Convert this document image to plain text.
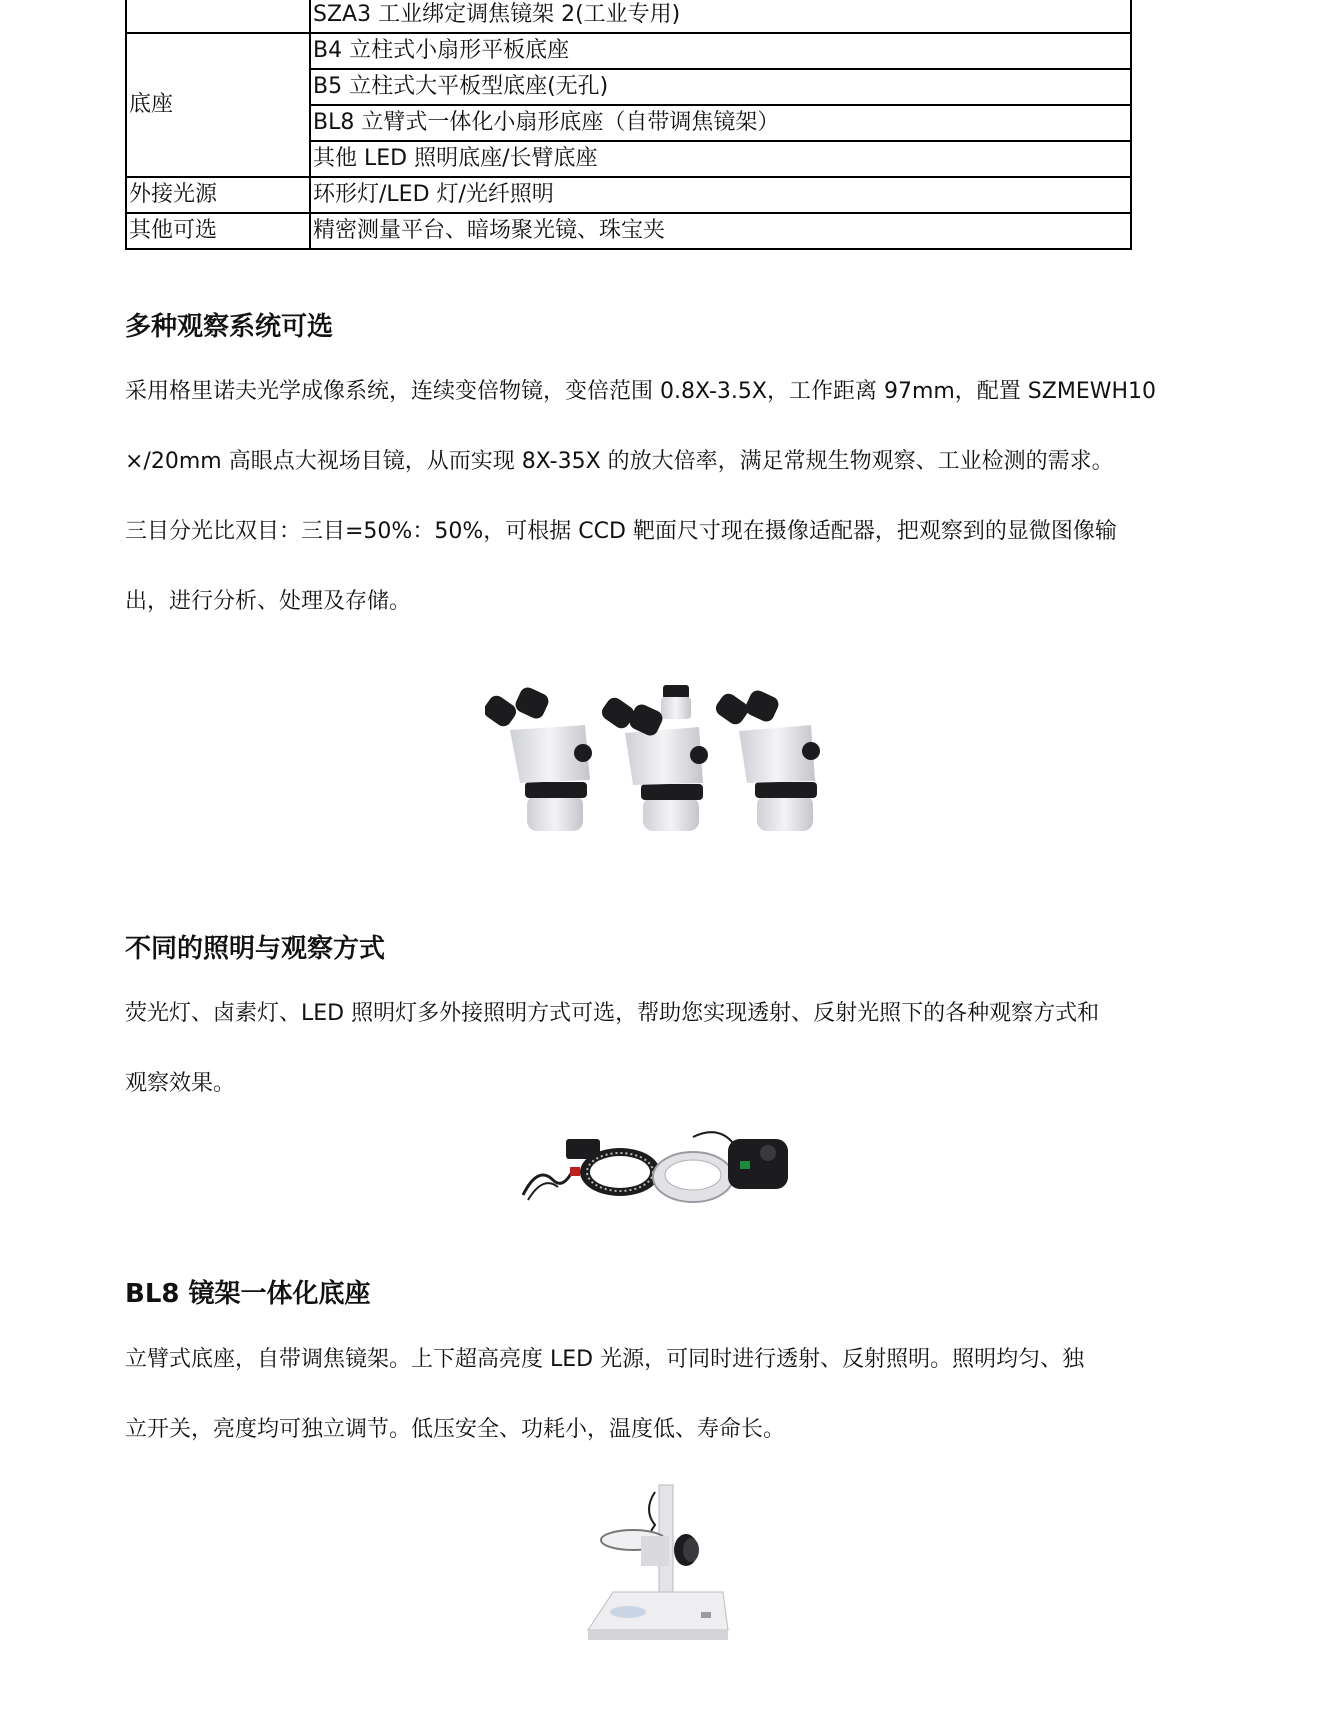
	SZA3 工业绑定调焦镜架 2(工业专用)
底座	B4 立柱式小扇形平板底座
	B5 立柱式大平板型底座(无孔)
	BL8 立臂式一体化小扇形底座（自带调焦镜架）
	其他 LED 照明底座/长臂底座
外接光源	环形灯/LED 灯/光纤照明
其他可选	精密测量平台、暗场聚光镜、珠宝夹
多种观察系统可选
采用格里诺夫光学成像系统，连续变倍物镜，变倍范围 0.8X-3.5X，工作距离 97mm，配置 SZMEWH10
×/20mm 高眼点大视场目镜，从而实现 8X-35X 的放大倍率，满足常规生物观察、工业检测的需求。
三目分光比双目：三目=50%：50%，可根据 CCD 靶面尺寸现在摄像适配器，把观察到的显微图像输
出，进行分析、处理及存储。
不同的照明与观察方式
荧光灯、卤素灯、LED 照明灯多外接照明方式可选，帮助您实现透射、反射光照下的各种观察方式和
观察效果。
BL8 镜架一体化底座
立臂式底座，自带调焦镜架。上下超高亮度 LED 光源，可同时进行透射、反射照明。照明均匀、独
立开关，亮度均可独立调节。低压安全、功耗小，温度低、寿命长。
